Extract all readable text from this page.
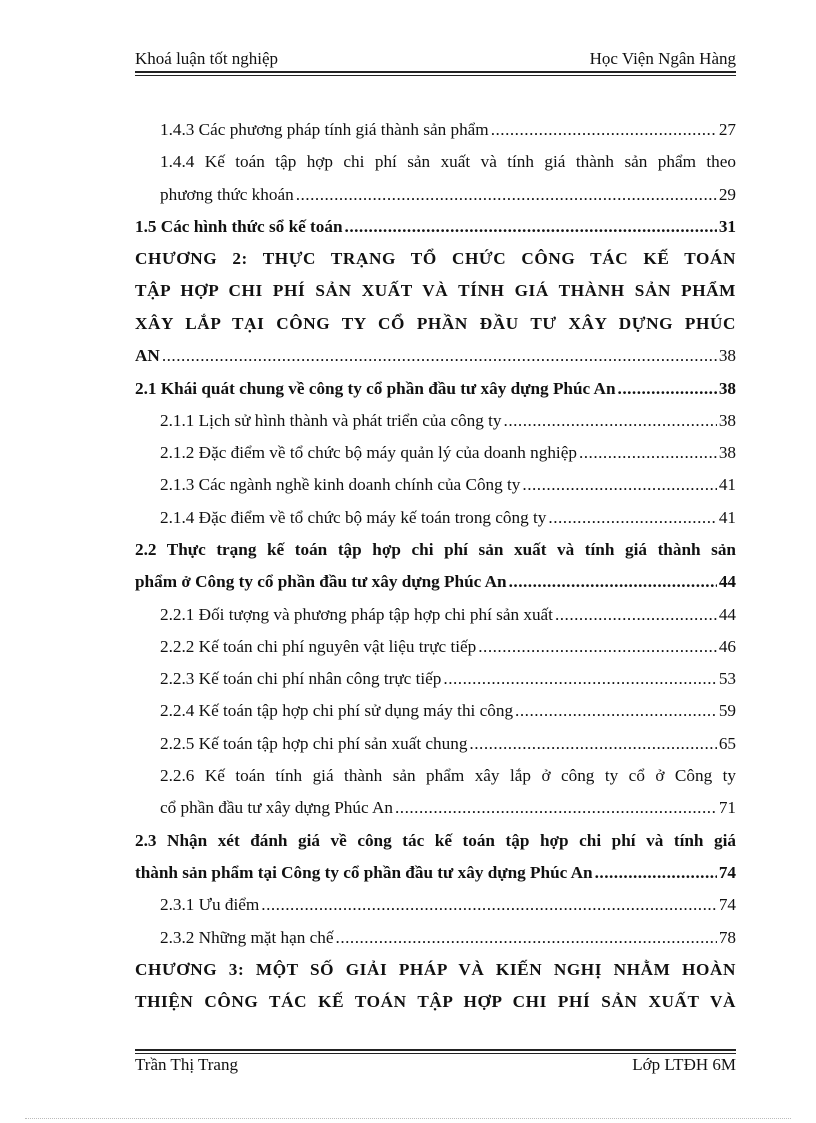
Khoá luận tốt nghiệp	Học Viện Ngân Hàng
1.4.3 Các phương pháp tính giá thành sản phẩm .....	27
1.4.4 Kế toán tập hợp chi phí sản xuất và tính giá thành sản phẩm theo
phương thức khoán .....	29
1.5 Các hình thức sổ kế toán .....	31
CHƯƠNG 2: THỰC TRẠNG TỔ CHỨC CÔNG TÁC KẾ TOÁN
TẬP HỢP CHI PHÍ SẢN XUẤT VÀ TÍNH GIÁ THÀNH SẢN PHẨM
XÂY LẮP TẠI CÔNG TY CỔ PHẦN ĐẦU TƯ XÂY DỰNG PHÚC
AN .....	38
2.1 Khái quát chung về công ty cổ phần đầu tư xây dựng Phúc An .....	38
2.1.1 Lịch sử hình thành và phát triển của công ty .....	38
2.1.2 Đặc điểm về tổ chức bộ máy quản lý của doanh nghiệp .....	38
2.1.3 Các ngành nghề kinh doanh chính của Công ty .....	41
2.1.4 Đặc điểm về tổ chức bộ máy kế toán trong công ty .....	41
2.2 Thực trạng kế toán tập hợp chi phí sản xuất và tính giá thành sản
phẩm ở Công ty cổ phần đầu tư xây dựng Phúc An .....	44
2.2.1 Đối tượng và phương pháp tập hợp chi phí sản xuất .....	44
2.2.2 Kế toán chi phí nguyên vật liệu trực tiếp .....	46
2.2.3 Kế toán chi phí nhân công trực tiếp .....	53
2.2.4 Kế toán tập hợp chi phí sử dụng máy thi công .....	59
2.2.5 Kế toán tập hợp chi phí sản xuất chung .....	65
2.2.6 Kế toán tính giá thành sản phẩm xây lắp ở công ty cổ ở Công ty
cổ phần đầu tư xây dựng Phúc An .....	71
2.3 Nhận xét đánh giá về công tác kế toán tập hợp chi phí và tính giá
thành sản phẩm tại Công ty cổ phần đầu tư xây dựng Phúc An .....	74
2.3.1 Ưu điểm .....	74
2.3.2 Những mặt hạn chế .....	78
CHƯƠNG 3: MỘT SỐ GIẢI PHÁP VÀ KIẾN NGHỊ NHẰM HOÀN
THIỆN CÔNG TÁC KẾ TOÁN TẬP HỢP CHI PHÍ SẢN XUẤT VÀ
Trần Thị Trang	Lớp LTĐH 6M
